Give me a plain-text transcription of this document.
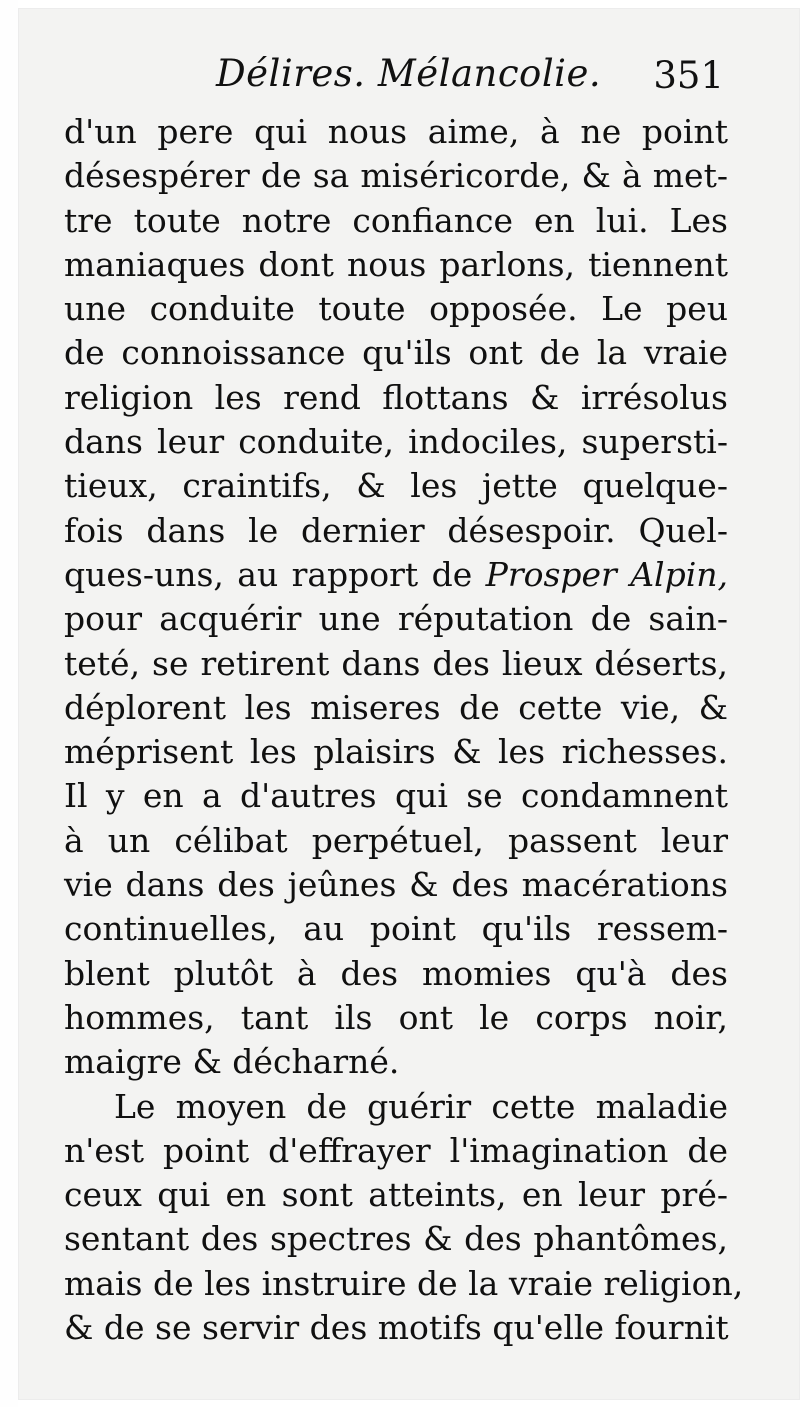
Délires. Mélancolie. 351
d'un pere qui nous aime, à ne point
désespérer de sa miséricorde, & à met-
tre toute notre confiance en lui. Les
maniaques dont nous parlons, tiennent
une conduite toute opposée. Le peu
de connoissance qu'ils ont de la vraie
religion les rend flottans & irrésolus
dans leur conduite, indociles, supersti-
tieux, craintifs, & les jette quelque-
fois dans le dernier désespoir. Quel-
ques-uns, au rapport de Prosper Alpin,
pour acquérir une réputation de sain-
teté, se retirent dans des lieux déserts,
déplorent les miseres de cette vie, &
méprisent les plaisirs & les richesses.
Il y en a d'autres qui se condamnent
à un célibat perpétuel, passent leur
vie dans des jeûnes & des macérations
continuelles, au point qu'ils ressem-
blent plutôt à des momies qu'à des
hommes, tant ils ont le corps noir,
maigre & décharné.
Le moyen de guérir cette maladie
n'est point d'effrayer l'imagination de
ceux qui en sont atteints, en leur pré-
sentant des spectres & des phantômes,
mais de les instruire de la vraie religion,
& de se servir des motifs qu'elle fournit
